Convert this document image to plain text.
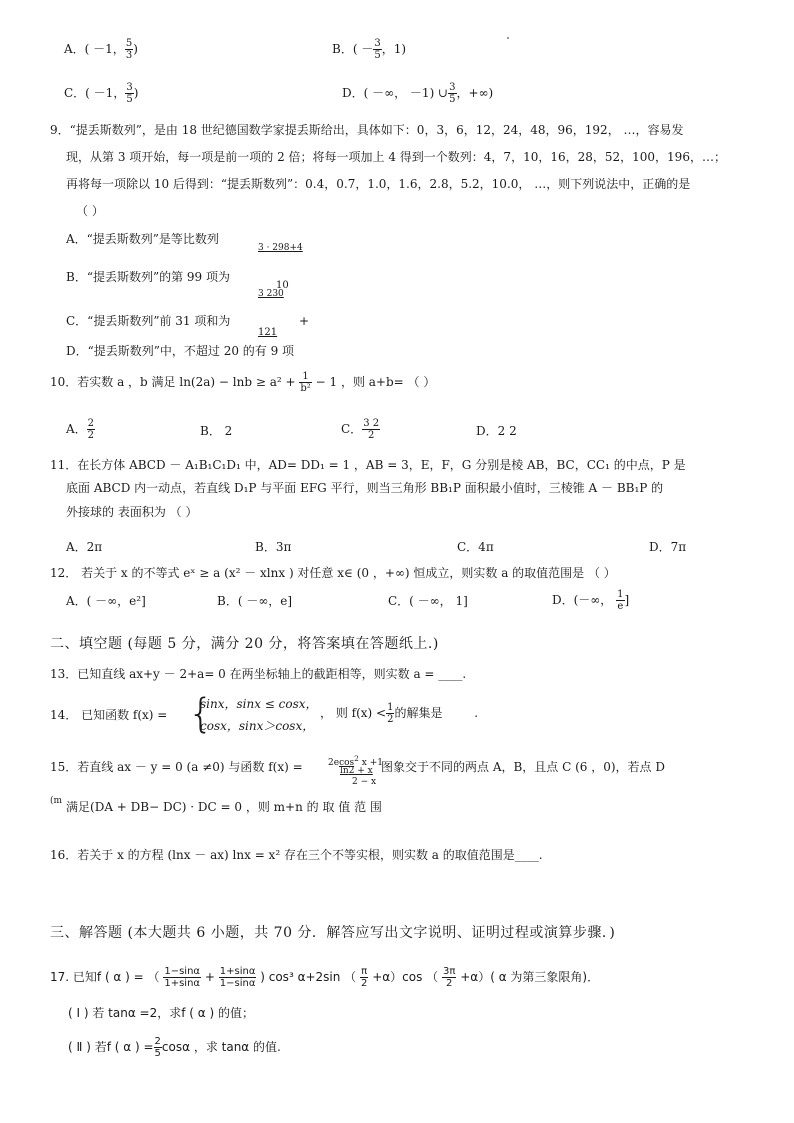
A．( －1， $\frac{5}{3}$ )	B．( － $\frac{3}{5}$ ，1)
C．( －1， $\frac{3}{5}$ )	D．( －∞， －1) ∪ $\frac{3}{5}$ ，+∞)
9．“提丢斯数列”，是由 18 世纪德国数学家提丢斯给出，具体如下：0，3，6，12，24，48，96，192， …，容易发
现，从第 3 项开始，每一项是前一项的 2 倍；将每一项加上 4 得到一个数列：4，7，10，16，28，52，100，196，…；
再将每一项除以 10 后得到：“提丢斯数列”：0.4，0.7，1.0，1.6，2.8，5.2，10.0， …，则下列说法中，正确的是
（ ）
A．“提丢斯数列”是等比数列
3 · 298+4
B．“提丢斯数列”的第 99 项为
10
3 230
C．“提丢斯数列”前 31 项和为	+
121
D．“提丢斯数列”中，不超过 20 的有 9 项
10．若实数 a ，b 满足 $\ln(2a) - \ln b \ge a^2 + \frac{1}{\text{b²}} - 1$ ，则 a+b= （ ）
A． $\frac{2}{2}$	B． 2	C． $\frac{3 2}{2}$	D．2 2
11．在长方体 ABCD － A₁B₁C₁D₁ 中，AD= DD₁ = 1 ，AB = 3，E，F，G 分别是棱 AB，BC，CC₁ 的中点，P 是
底面 ABCD 内一动点，若直线 D₁P 与平面 EFG 平行，则当三角形 BB₁P 面积最小值时，三棱锥 A － BB₁P 的
外接球的 表面积为 （ ）
A．2π	B．3π	C．4π	D．7π
12． 若关于 x 的不等式 eˣ ≥ a (x² － xlnx ) 对任意 x∈ (0 ，+∞) 恒成立，则实数 a 的取值范围是 （ ）
A．( －∞，e²]	B．( －∞，e]	C．( －∞， 1]	D．(－∞， $\frac{1}{e}$ ]
二、填空题 (每题 5 分，满分 20 分，将答案填在答题纸上.)
13．已知直线 ax+y － 2+a= 0 在两坐标轴上的截距相等，则实数 a = ____.
14． 已知函数 f(x) = {
sinx，sinx ≤ cosx，
cosx，sinx＞cosx，
， 则 $f(x) < \frac{1}{2}$ 的解集是	.
15．若直线 ax － y = 0 (a ≠0) 与函数 f(x) =	2ecos$^2$ x +1
ln2 + x
2 − x
图象交于不同的两点 A，B，且点 C (6 ，0)，若点 D
(m 满足(DA + DB− DC) · DC = 0 ，则 m+n 的 取 值 范 围
16．若关于 x 的方程 (lnx － ax) lnx = x² 存在三个不等实根，则实数 a 的取值范围是____.
三、解答题 (本大题共 6 小题，共 70 分．解答应写出文字说明、证明过程或演算步骤．)
17. 已知f ( α ) = （ $\frac{1-\sin\alpha}{1+\sin\alpha} + \frac{1+\sin\alpha}{1-\sin\alpha}$ ) cos³ α+2sin （ $\frac{\pi}{2} +\alpha)\cos$ （ $\frac{3\pi}{2} +\alpha$）( α 为第三象限角)．
( Ⅰ ) 若 tanα =2，求f ( α ) 的值；
( Ⅱ ) 若f ( α ) = $\frac{2}{5}$ cosα ，求 tanα 的值.
